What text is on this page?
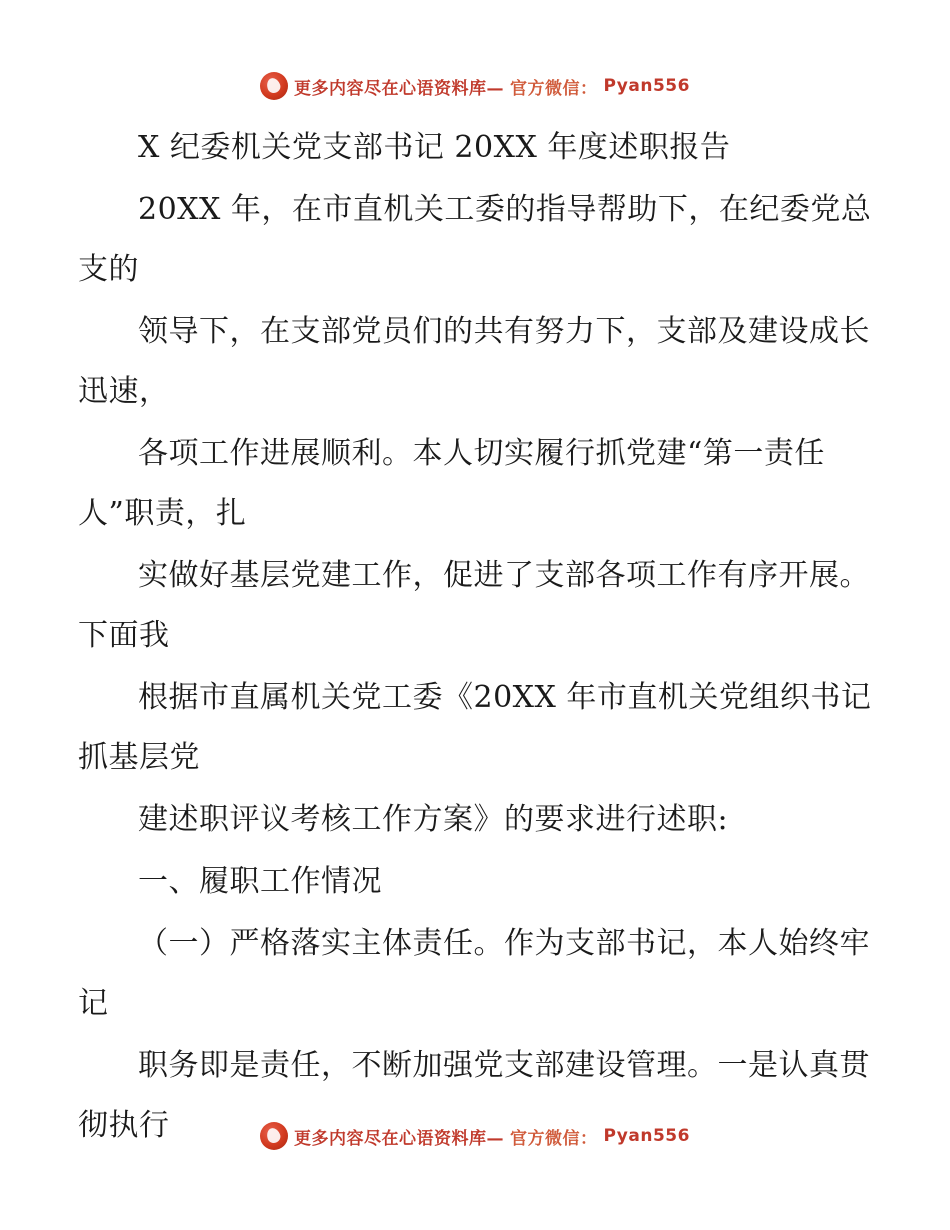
更多内容尽在心语资料库— 官方微信： Pyan556

X 纪委机关党支部书记 20XX 年度述职报告

20XX 年，在市直机关工委的指导帮助下，在纪委党总支的

领导下，在支部党员们的共有努力下，支部及建设成长迅速，

各项工作进展顺利。本人切实履行抓党建“第一责任人”职责，扎

实做好基层党建工作，促进了支部各项工作有序开展。下面我

根据市直属机关党工委《20XX 年市直机关党组织书记抓基层党

建述职评议考核工作方案》的要求进行述职:

一、履职工作情况

（一）严格落实主体责任。作为支部书记，本人始终牢记

职务即是责任，不断加强党支部建设管理。一是认真贯彻执行	更多内容尽在心语资料库— 官方微信： Pyan556
